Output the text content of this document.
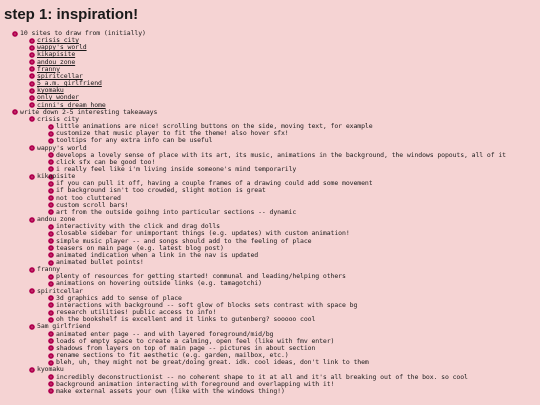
step 1: inspiration!
10 sites to draw from (initially)
crisis city
wappy's world
kikapisite
andou zone
franny
spiritcellar
5 a.m. girlfriend
kyomaku
only wonder
cinni's dream home
write down 2-5 interesting takeaways
crisis city
little animations are nice! scrolling buttons on the side, moving text, for example
customize that music player to fit the theme! also hover sfx!
tooltips for any extra info can be useful
wappy's world
develops a lovely sense of place with its art, its music, animations in the background, the windows popouts, all of it
click sfx can be good too!
i really feel like i'm living inside someone's mind temporarily
kikapisite
if you can pull it off, having a couple frames of a drawing could add some movement
if background isn't too crowded, slight motion is great
not too cluttered
custom scroll bars!
art from the outside goihng into particular sections -- dynamic
andou zone
interactivity with the click and drag dolls
closable sidebar for unimportant things (e.g. updates) with custom animation!
simple music player -- and songs should add to the feeling of place
teasers on main page (e.g. latest blog post)
animated indication when a link in the nav is updated
animated bullet points!
franny
plenty of resources for getting started! communal and leading/helping others
animations on hovering outside links (e.g. tamagotchi)
spiritcellar
3d graphics add to sense of place
interactions with background -- soft glow of blocks sets contrast with space bg
research utilities! public access to info!
oh the bookshelf is excellent and it links to gutenberg? sooooo cool
5am girlfriend
animated enter page -- and with layered foreground/mid/bg
loads of empty space to create a calming, open feel (like with fmv enter)
shadows from layers on top of main page -- pictures in about section
rename sections to fit aesthetic (e.g. garden, mailbox, etc.)
bleh, uh, they might not be great/doing great. idk. cool ideas, don't link to them
kyomaku
incredibly deconstructionist -- no coherent shape to it at all and it's all breaking out of the box. so cool
background animation interacting with foreground and overlapping with it!
make external assets your own (like with the windows thing!)
